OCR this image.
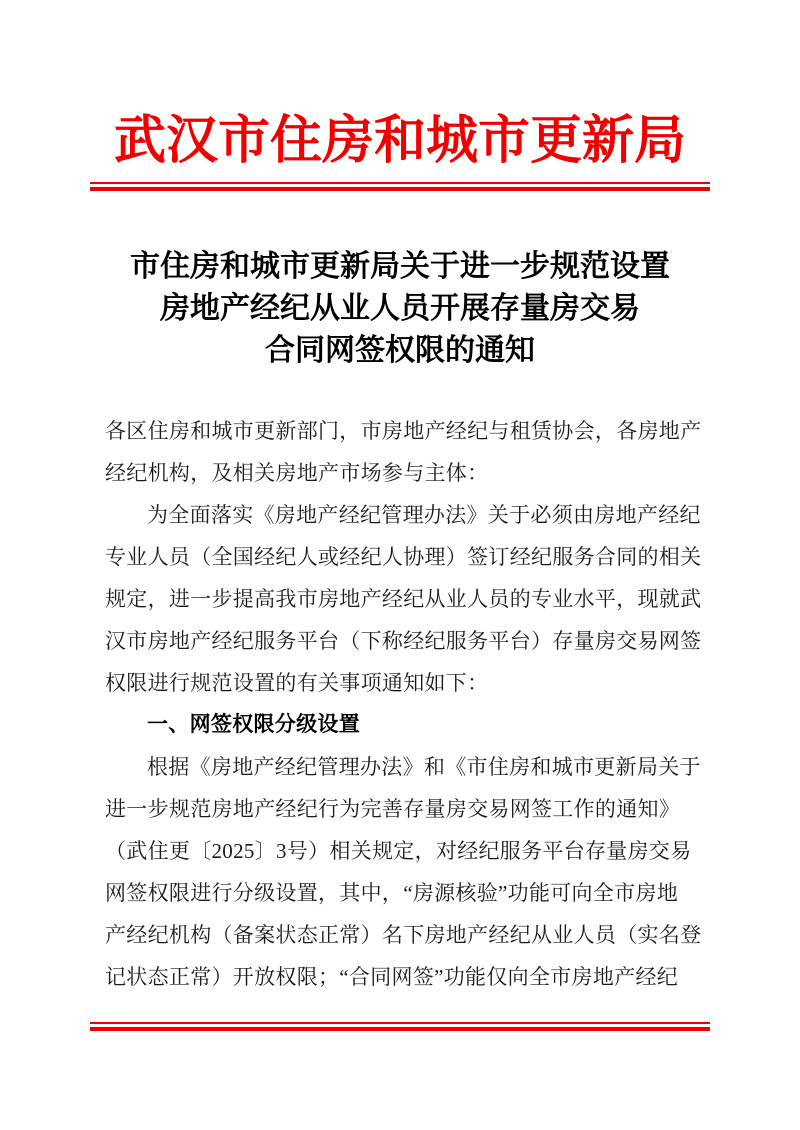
武汉市住房和城市更新局
市住房和城市更新局关于进一步规范设置
房地产经纪从业人员开展存量房交易
合同网签权限的通知
各区住房和城市更新部门，市房地产经纪与租赁协会，各房地产
经纪机构，及相关房地产市场参与主体：
为全面落实《房地产经纪管理办法》关于必须由房地产经纪
专业人员（全国经纪人或经纪人协理）签订经纪服务合同的相关
规定，进一步提高我市房地产经纪从业人员的专业水平，现就武
汉市房地产经纪服务平台（下称经纪服务平台）存量房交易网签
权限进行规范设置的有关事项通知如下：
一、网签权限分级设置
根据《房地产经纪管理办法》和《市住房和城市更新局关于
进一步规范房地产经纪行为完善存量房交易网签工作的通知》
（武住更〔2025〕3号）相关规定，对经纪服务平台存量房交易
网签权限进行分级设置，其中，“房源核验”功能可向全市房地
产经纪机构（备案状态正常）名下房地产经纪从业人员（实名登
记状态正常）开放权限；“合同网签”功能仅向全市房地产经纪
